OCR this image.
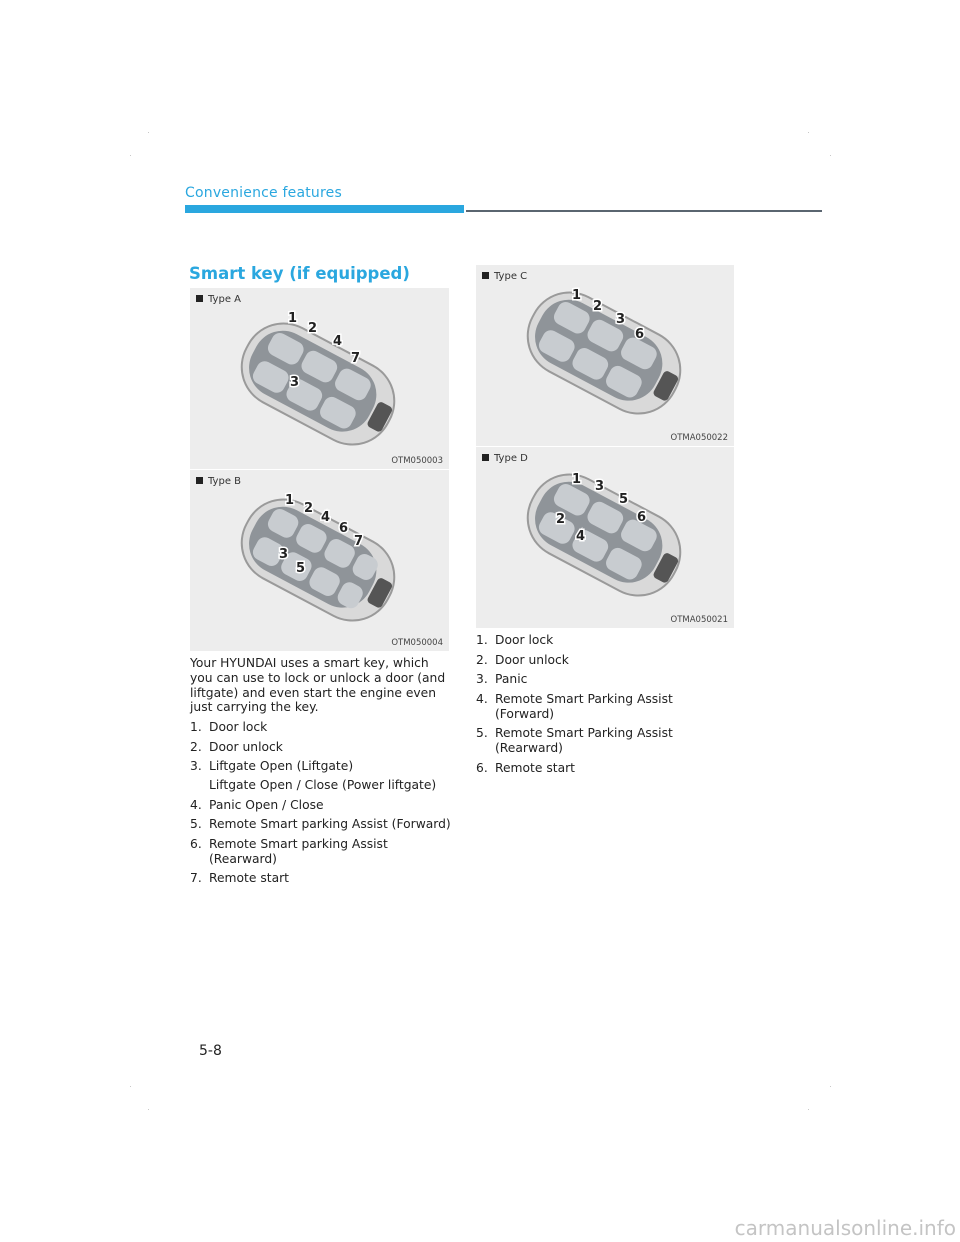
Convenience features
Smart key (if equipped)
Type A
1
2
4
7
3
OTM050003
Type B
1
2
4
6
7
3
5
OTM050004
Type C
1
2
3
6
OTMA050022
Type D
1 3
5
2	6
4
OTMA050021
Your HYUNDAI uses a smart key, which you can use to lock or unlock a door (and liftgate) and even start the engine even just carrying the key.
1. Door lock
2. Door unlock
3. Liftgate Open (Liftgate)
Liftgate Open / Close (Power liftgate)
4. Panic Open / Close
5. Remote Smart parking Assist (Forward)
6. Remote Smart parking Assist (Rearward)
7. Remote start
1. Door lock
2. Door unlock
3. Panic
4. Remote Smart Parking Assist (Forward)
5. Remote Smart Parking Assist (Rearward)
6. Remote start
5-8
carmanualsonline.info
